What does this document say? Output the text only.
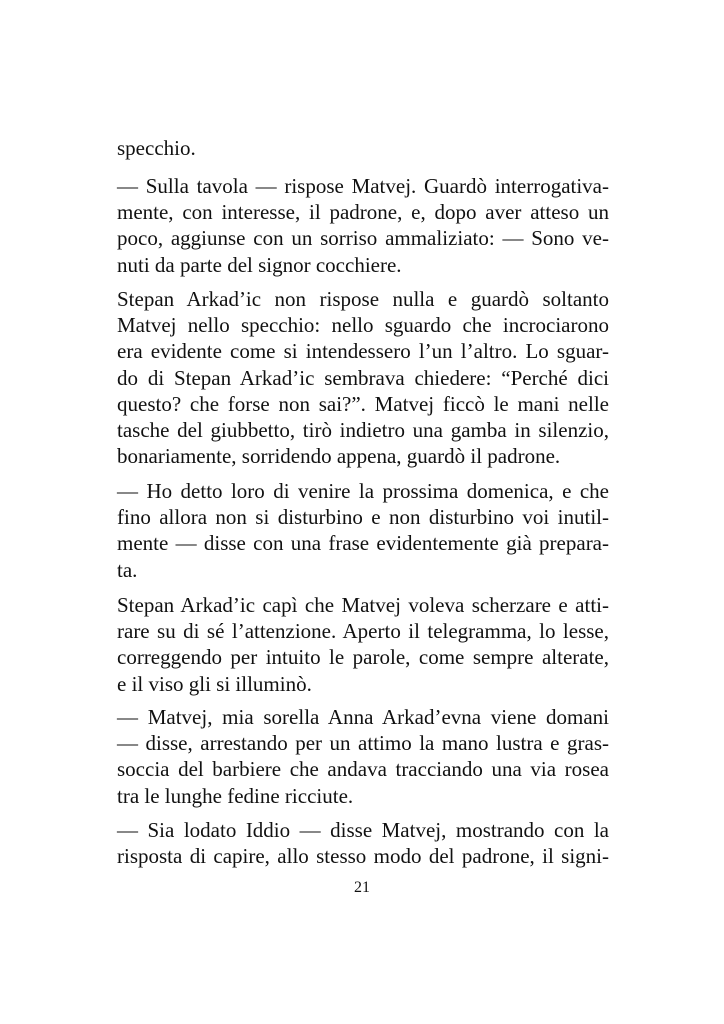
specchio.
— Sulla tavola — rispose Matvej. Guardò interrogativa-
mente, con interesse, il padrone, e, dopo aver atteso un
poco, aggiunse con un sorriso ammaliziato: — Sono ve-
nuti da parte del signor cocchiere.
Stepan Arkad’ic non rispose nulla e guardò soltanto
Matvej nello specchio: nello sguardo che incrociarono
era evidente come si intendessero l’un l’altro. Lo sguar-
do di Stepan Arkad’ic sembrava chiedere: “Perché dici
questo? che forse non sai?”. Matvej ficcò le mani nelle
tasche del giubbetto, tirò indietro una gamba in silenzio,
bonariamente, sorridendo appena, guardò il padrone.
— Ho detto loro di venire la prossima domenica, e che
fino allora non si disturbino e non disturbino voi inutil-
mente — disse con una frase evidentemente già prepara-
ta.
Stepan Arkad’ic capì che Matvej voleva scherzare e atti-
rare su di sé l’attenzione. Aperto il telegramma, lo lesse,
correggendo per intuito le parole, come sempre alterate,
e il viso gli si illuminò.
— Matvej, mia sorella Anna Arkad’evna viene domani
— disse, arrestando per un attimo la mano lustra e gras-
soccia del barbiere che andava tracciando una via rosea
tra le lunghe fedine ricciute.
— Sia lodato Iddio — disse Matvej, mostrando con la
risposta di capire, allo stesso modo del padrone, il signi-
21
